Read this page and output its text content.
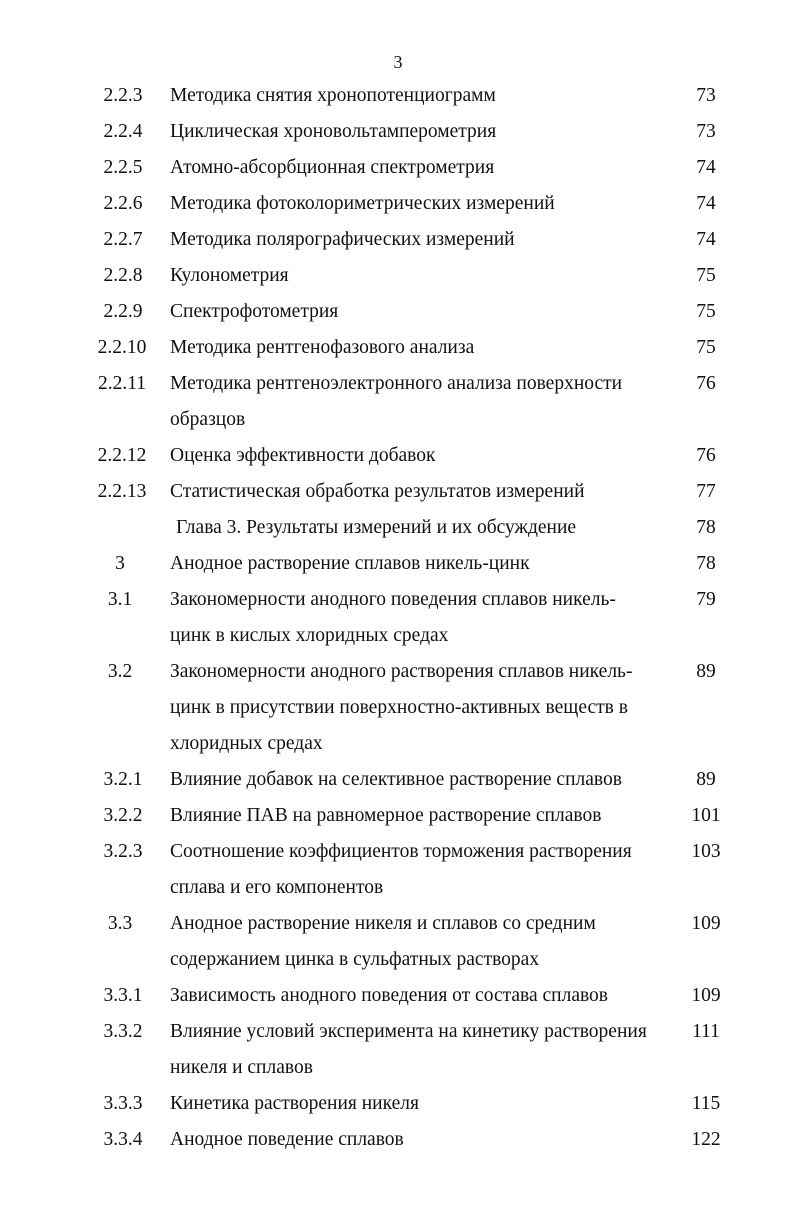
3
2.2.3 Методика снятия хронопотенциограмм	73
2.2.4 Циклическая хроновольтамперометрия	73
2.2.5 Атомно-абсорбционная спектрометрия	74
2.2.6 Методика фотоколориметрических измерений	74
2.2.7 Методика полярографических измерений	74
2.2.8 Кулонометрия	75
2.2.9 Спектрофотометрия	75
2.2.10 Методика рентгенофазового анализа	75
2.2.11 Методика рентгеноэлектронного анализа поверхности	76
образцов
2.2.12 Оценка эффективности добавок	76
2.2.13 Статистическая обработка результатов измерений	77
Глава 3. Результаты измерений и их обсуждение	78
3	Анодное растворение сплавов никель-цинк	78
3.1	Закономерности анодного поведения сплавов никель-	79
цинк в кислых хлоридных средах
3.2	Закономерности анодного растворения сплавов никель-	89
цинк в присутствии поверхностно-активных веществ в
хлоридных средах
3.2.1 Влияние добавок на селективное растворение сплавов	89
3.2.2 Влияние ПАВ на равномерное растворение сплавов	101
3.2.3 Соотношение коэффициентов торможения растворения	103
сплава и его компонентов
3.3	Анодное растворение никеля и сплавов со средним	109
содержанием цинка в сульфатных растворах
3.3.1 Зависимость анодного поведения от состава сплавов	109
3.3.2 Влияние условий эксперимента на кинетику растворения	111
никеля и сплавов
3.3.3 Кинетика растворения никеля	115
3.3.4 Анодное поведение сплавов	122
